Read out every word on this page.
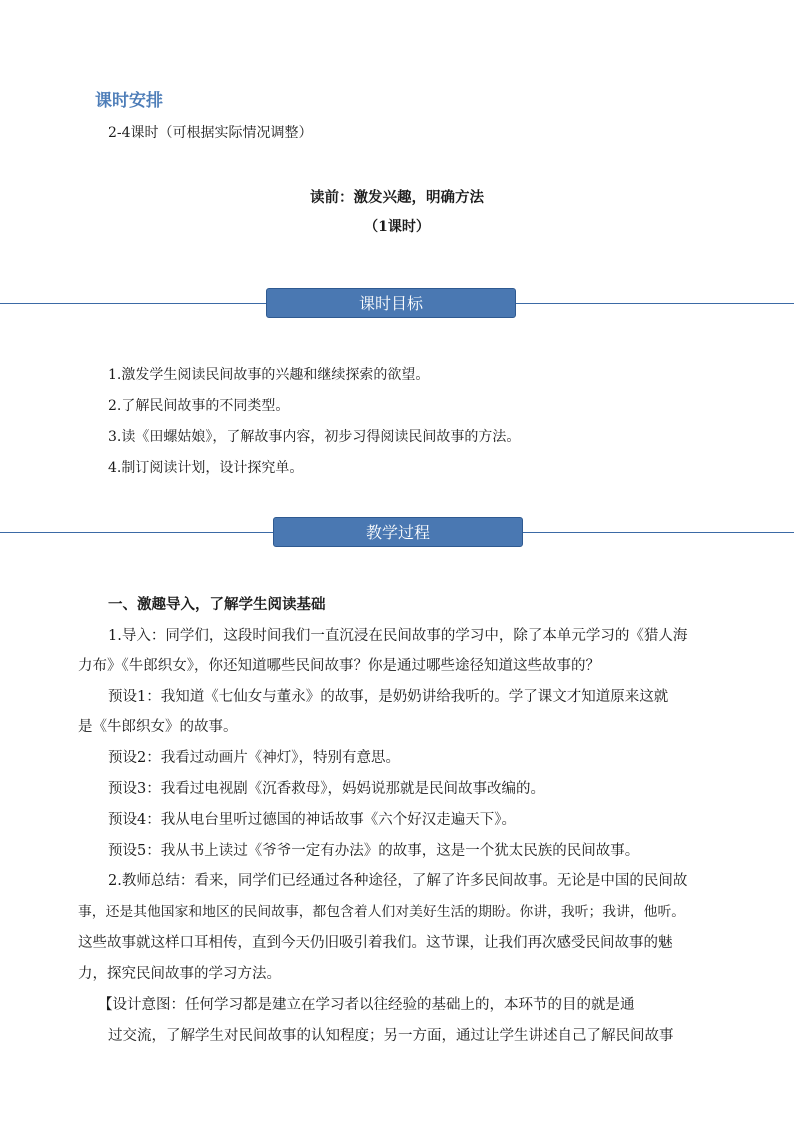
课时安排
2-4课时（可根据实际情况调整）
读前：激发兴趣，明确方法
（1课时）
课时目标
1.激发学生阅读民间故事的兴趣和继续探索的欲望。
2.了解民间故事的不同类型。
3.读《田螺姑娘》，了解故事内容，初步习得阅读民间故事的方法。
4.制订阅读计划，设计探究单。
教学过程
一、激趣导入，了解学生阅读基础
1.导入：同学们，这段时间我们一直沉浸在民间故事的学习中，除了本单元学习的《猎人海
力布》《牛郎织女》，你还知道哪些民间故事？你是通过哪些途径知道这些故事的？
预设1：我知道《七仙女与董永》的故事，是奶奶讲给我听的。学了课文才知道原来这就
是《牛郎织女》的故事。
预设2：我看过动画片《神灯》，特别有意思。
预设3：我看过电视剧《沉香救母》，妈妈说那就是民间故事改编的。
预设4：我从电台里听过德国的神话故事《六个好汉走遍天下》。
预设5：我从书上读过《爷爷一定有办法》的故事，这是一个犹太民族的民间故事。
2.教师总结：看来，同学们已经通过各种途径，了解了许多民间故事。无论是中国的民间故
事，还是其他国家和地区的民间故事，都包含着人们对美好生活的期盼。你讲，我听；我讲，他听。
这些故事就这样口耳相传，直到今天仍旧吸引着我们。这节课，让我们再次感受民间故事的魅
力，探究民间故事的学习方法。
【设计意图：任何学习都是建立在学习者以往经验的基础上的，本环节的目的就是通
过交流，了解学生对民间故事的认知程度；另一方面，通过让学生讲述自己了解民间故事
